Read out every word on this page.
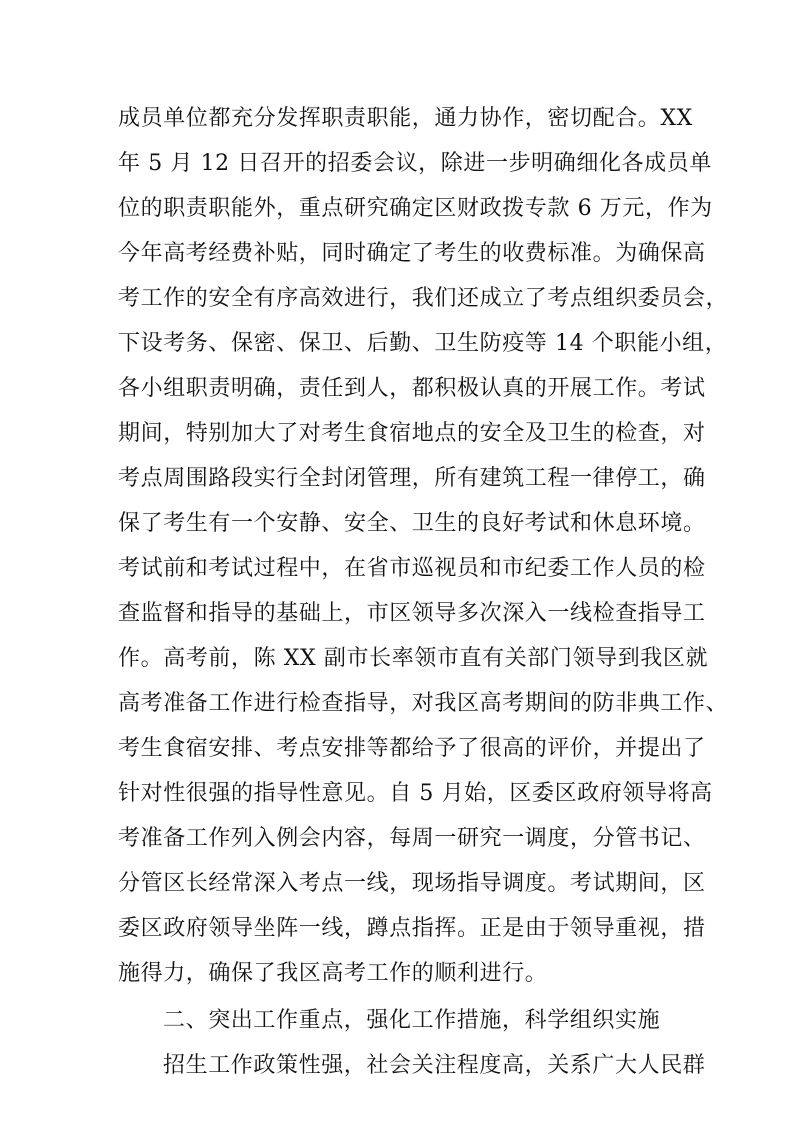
成员单位都充分发挥职责职能，通力协作，密切配合。XX
年 5 月 12 日召开的招委会议，除进一步明确细化各成员单
位的职责职能外，重点研究确定区财政拨专款 6 万元，作为
今年高考经费补贴，同时确定了考生的收费标准。为确保高
考工作的安全有序高效进行，我们还成立了考点组织委员会，
下设考务、保密、保卫、后勤、卫生防疫等 14 个职能小组，
各小组职责明确，责任到人，都积极认真的开展工作。考试
期间，特别加大了对考生食宿地点的安全及卫生的检查，对
考点周围路段实行全封闭管理，所有建筑工程一律停工，确
保了考生有一个安静、安全、卫生的良好考试和休息环境。
考试前和考试过程中，在省市巡视员和市纪委工作人员的检
查监督和指导的基础上，市区领导多次深入一线检查指导工
作。高考前，陈 XX 副市长率领市直有关部门领导到我区就
高考准备工作进行检查指导，对我区高考期间的防非典工作、
考生食宿安排、考点安排等都给予了很高的评价，并提出了
针对性很强的指导性意见。自 5 月始，区委区政府领导将高
考准备工作列入例会内容，每周一研究一调度，分管书记、
分管区长经常深入考点一线，现场指导调度。考试期间，区
委区政府领导坐阵一线，蹲点指挥。正是由于领导重视，措
施得力，确保了我区高考工作的顺利进行。
二、突出工作重点，强化工作措施，科学组织实施
招生工作政策性强，社会关注程度高，关系广大人民群
